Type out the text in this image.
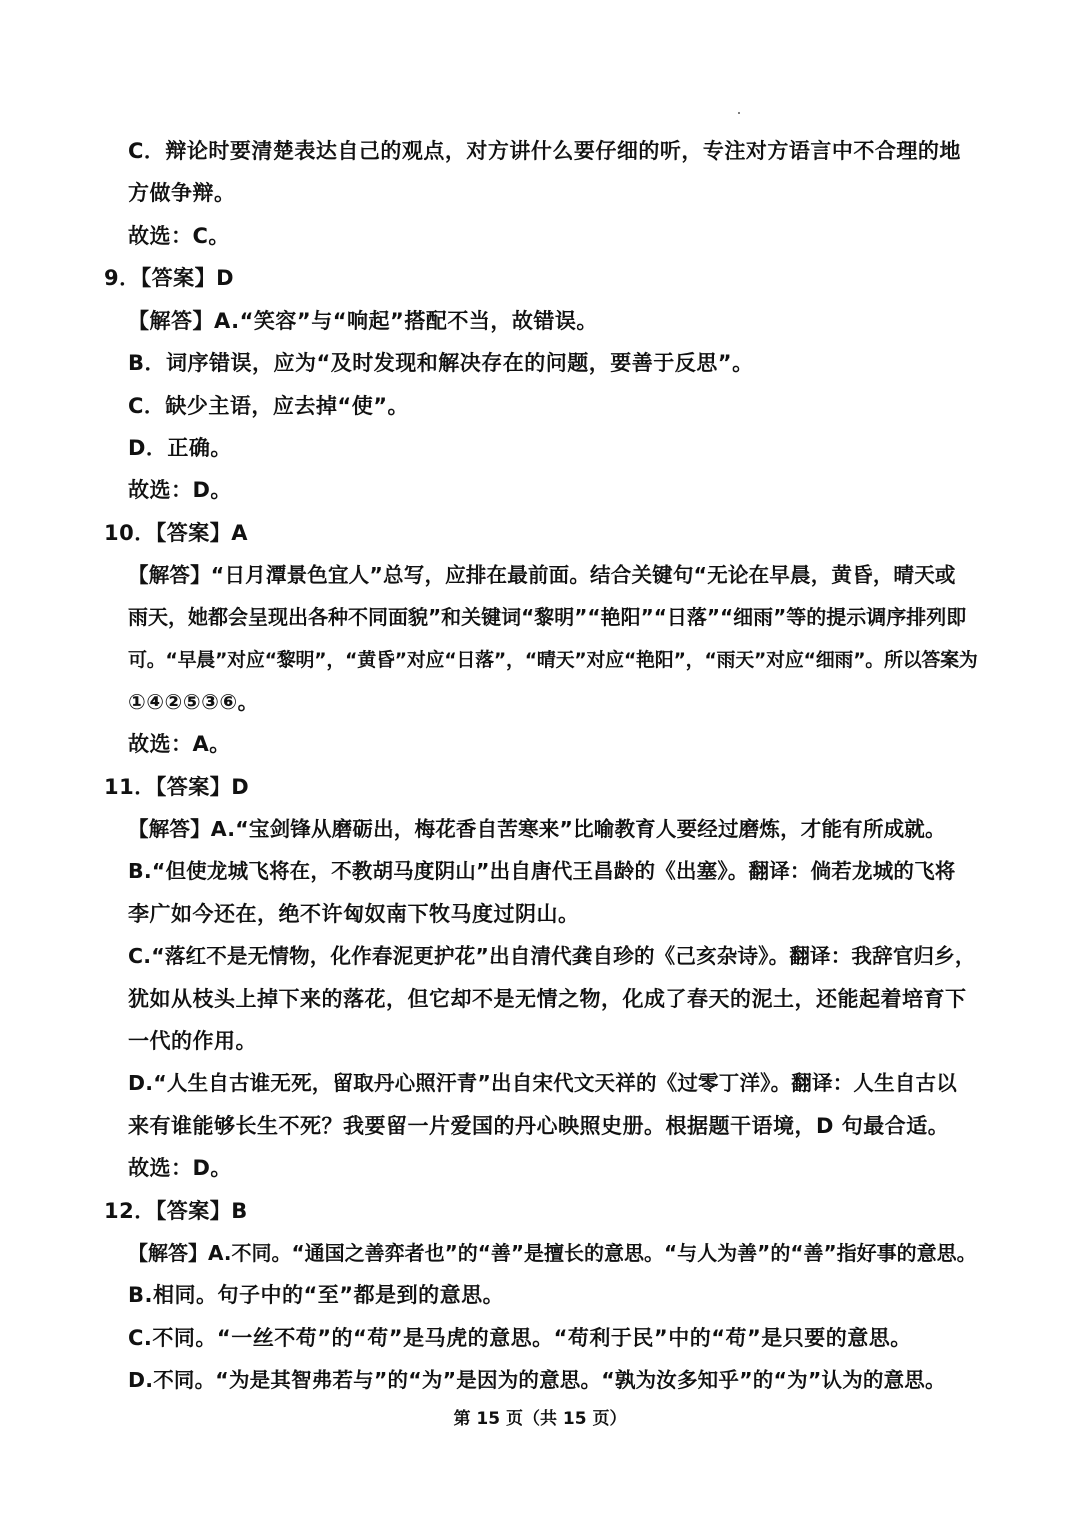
C．辩论时要清楚表达自己的观点，对方讲什么要仔细的听，专注对方语言中不合理的地
方做争辩。
故选：C。
9．【答案】D
【解答】A.“笑容”与“响起”搭配不当，故错误。
B．词序错误，应为“及时发现和解决存在的问题，要善于反思”。
C．缺少主语，应去掉“使”。
D．正确。
故选：D。
10．【答案】A
【解答】“日月潭景色宜人”总写，应排在最前面。结合关键句“无论在早晨，黄昏，晴天或
雨天，她都会呈现出各种不同面貌”和关键词“黎明”“艳阳”“日落”“细雨”等的提示调序排列即
可。“早晨”对应“黎明”，“黄昏”对应“日落”，“晴天”对应“艳阳”，“雨天”对应“细雨”。所以答案为
①④②⑤③⑥。
故选：A。
11．【答案】D
【解答】A.“宝剑锋从磨砺出，梅花香自苦寒来”比喻教育人要经过磨炼，才能有所成就。
B.“但使龙城飞将在，不教胡马度阴山”出自唐代王昌龄的《出塞》。翻译：倘若龙城的飞将
李广如今还在，绝不许匈奴南下牧马度过阴山。
C.“落红不是无情物，化作春泥更护花”出自清代龚自珍的《己亥杂诗》。翻译：我辞官归乡，
犹如从枝头上掉下来的落花，但它却不是无情之物，化成了春天的泥土，还能起着培育下
一代的作用。
D.“人生自古谁无死，留取丹心照汗青”出自宋代文天祥的《过零丁洋》。翻译：人生自古以
来有谁能够长生不死？我要留一片爱国的丹心映照史册。根据题干语境，D 句最合适。
故选：D。
12．【答案】B
【解答】A.不同。“通国之善弈者也”的“善”是擅长的意思。“与人为善”的“善”指好事的意思。
B.相同。句子中的“至”都是到的意思。
C.不同。“一丝不苟”的“苟”是马虎的意思。“苟利于民”中的“苟”是只要的意思。
D.不同。“为是其智弗若与”的“为”是因为的意思。“孰为汝多知乎”的“为”认为的意思。
第 15 页（共 15 页）
